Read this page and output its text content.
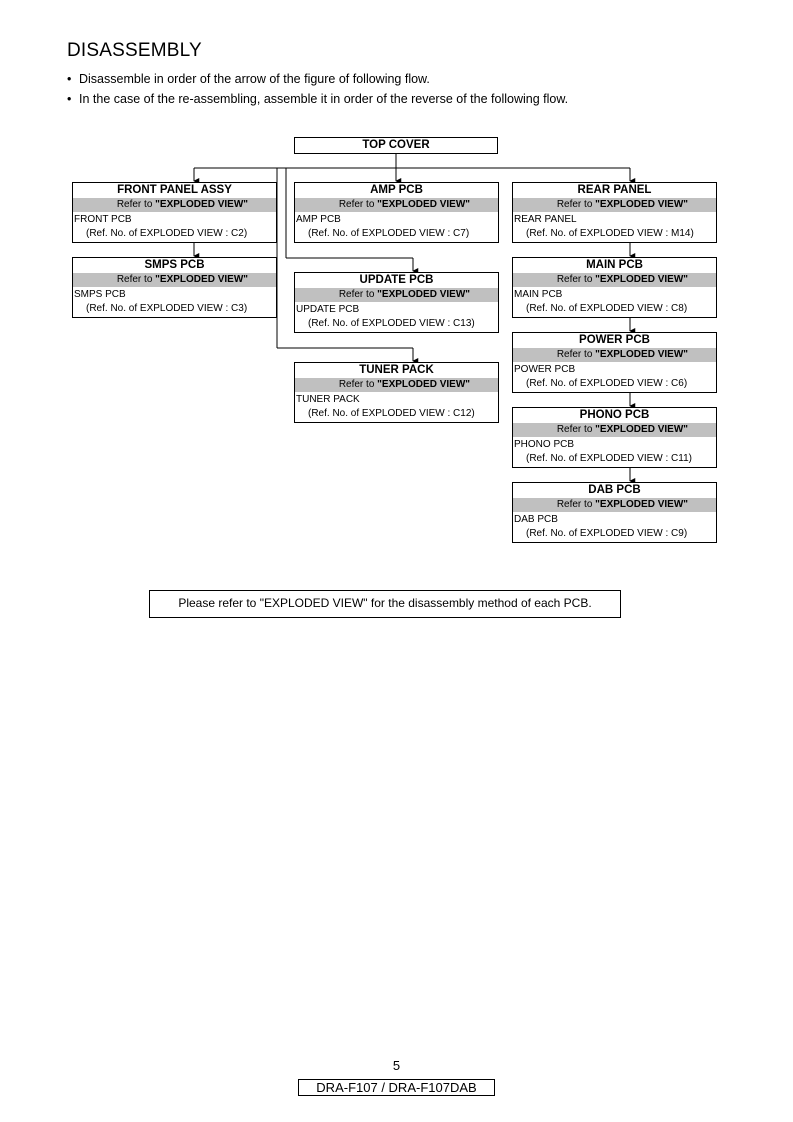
DISASSEMBLY
• Disassemble in order of the arrow of the figure of following flow.
• In the case of the re-assembling, assemble it in order of the reverse of the following flow.
TOP COVER
FRONT PANEL ASSY
Refer to "EXPLODED VIEW"
FRONT PCB
(Ref. No. of EXPLODED VIEW : C2)
SMPS PCB
Refer to "EXPLODED VIEW"
SMPS PCB
(Ref. No. of EXPLODED VIEW : C3)
AMP PCB
Refer to "EXPLODED VIEW"
AMP PCB
(Ref. No. of EXPLODED VIEW : C7)
UPDATE PCB
Refer to "EXPLODED VIEW"
UPDATE PCB
(Ref. No. of EXPLODED VIEW : C13)
TUNER PACK
Refer to "EXPLODED VIEW"
TUNER PACK
(Ref. No. of EXPLODED VIEW : C12)
REAR PANEL
Refer to "EXPLODED VIEW"
REAR PANEL
(Ref. No. of EXPLODED VIEW : M14)
MAIN PCB
Refer to "EXPLODED VIEW"
MAIN PCB
(Ref. No. of EXPLODED VIEW : C8)
POWER PCB
Refer to "EXPLODED VIEW"
POWER PCB
(Ref. No. of EXPLODED VIEW : C6)
PHONO PCB
Refer to "EXPLODED VIEW"
PHONO PCB
(Ref. No. of EXPLODED VIEW : C11)
DAB PCB
Refer to "EXPLODED VIEW"
DAB PCB
(Ref. No. of EXPLODED VIEW : C9)
Please refer to "EXPLODED VIEW" for the disassembly method of each PCB.
5
DRA-F107 / DRA-F107DAB
